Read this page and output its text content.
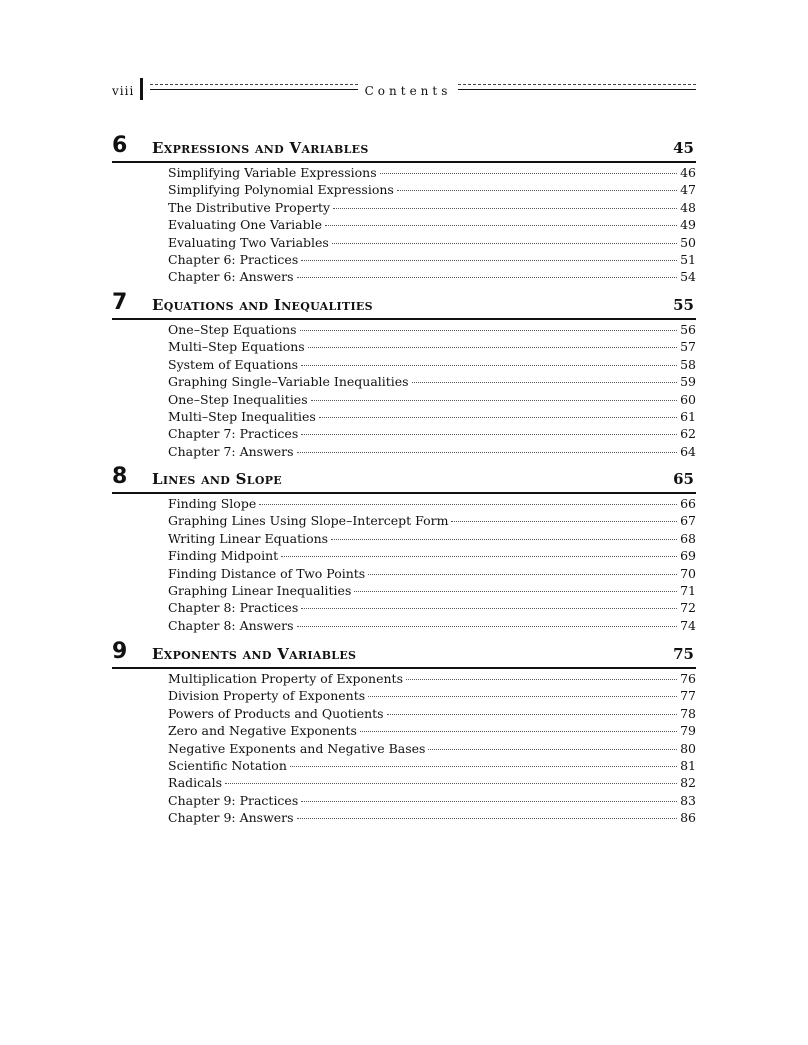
viii	Contents
6 Expressions and Variables	45
Simplifying Variable Expressions	46
Simplifying Polynomial Expressions	47
The Distributive Property	48
Evaluating One Variable	49
Evaluating Two Variables	50
Chapter 6: Practices	51
Chapter 6: Answers	54
7 Equations and Inequalities	55
One–Step Equations	56
Multi–Step Equations	57
System of Equations	58
Graphing Single–Variable Inequalities	59
One–Step Inequalities	60
Multi–Step Inequalities	61
Chapter 7: Practices	62
Chapter 7: Answers	64
8 Lines and Slope	65
Finding Slope	66
Graphing Lines Using Slope–Intercept Form	67
Writing Linear Equations	68
Finding Midpoint	69
Finding Distance of Two Points	70
Graphing Linear Inequalities	71
Chapter 8: Practices	72
Chapter 8: Answers	74
9 Exponents and Variables	75
Multiplication Property of Exponents	76
Division Property of Exponents	77
Powers of Products and Quotients	78
Zero and Negative Exponents	79
Negative Exponents and Negative Bases	80
Scientific Notation	81
Radicals	82
Chapter 9: Practices	83
Chapter 9: Answers	86
